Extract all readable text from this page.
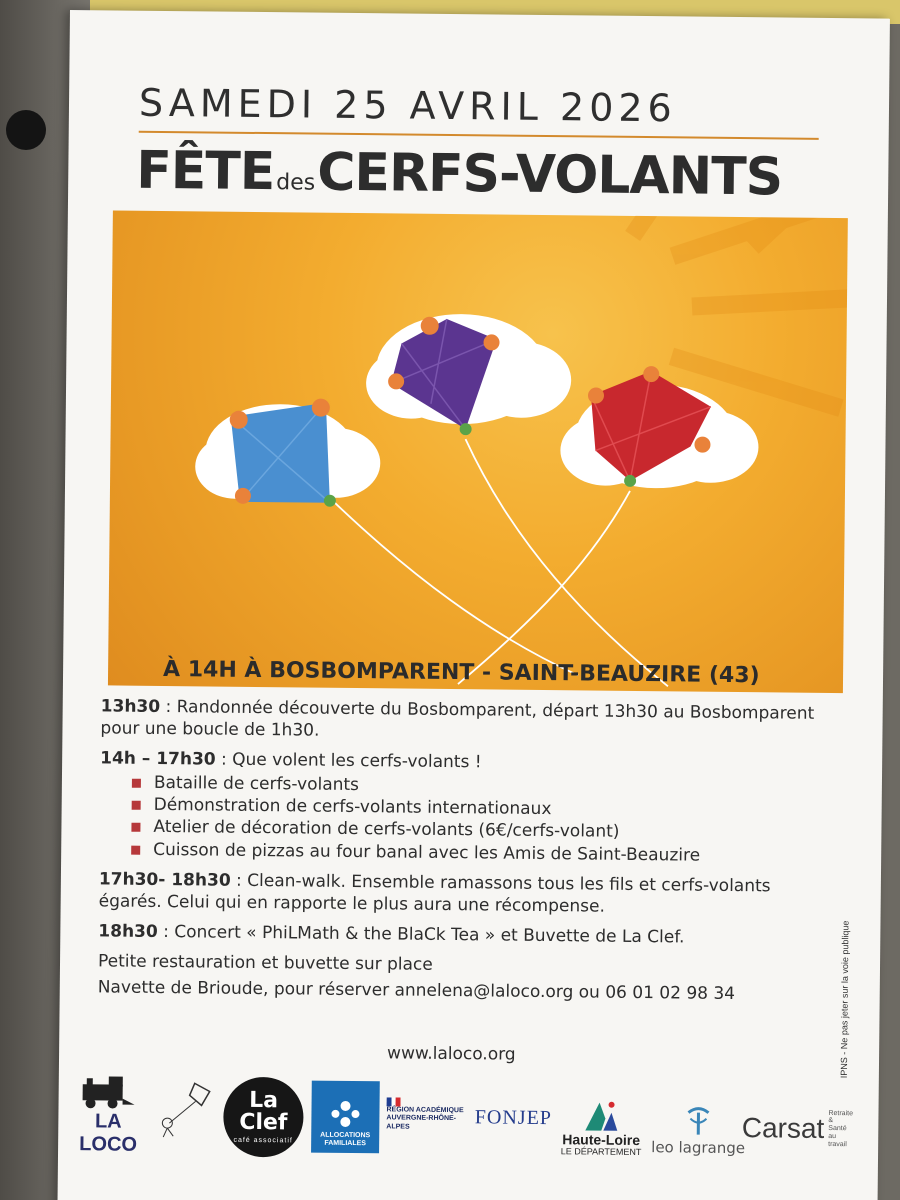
SAMEDI 25 AVRIL 2026
FÊTEdesCERFS-VOLANTS
À 14H À BOSBOMPARENT - SAINT-BEAUZIRE (43)
13h30 : Randonnée découverte du Bosbomparent, départ 13h30 au Bosbomparent pour une boucle de 1h30.
14h – 17h30 : Que volent les cerfs-volants !
Bataille de cerfs-volants
Démonstration de cerfs-volants internationaux
Atelier de décoration de cerfs-volants (6€/cerfs-volant)
Cuisson de pizzas au four banal avec les Amis de Saint-Beauzire
17h30- 18h30 : Clean-walk. Ensemble ramassons tous les fils et cerfs-volants égarés. Celui qui en rapporte le plus aura une récompense.
18h30 : Concert « PhiLMath & the BlaCk Tea » et Buvette de La Clef.
Petite restauration et buvette sur place
Navette de Brioude, pour réserver annelena@laloco.org ou 06 01 02 98 34
www.laloco.org
LA LOCO
La Clef
café associatif
ALLOCATIONS FAMILIALES
RÉGION ACADÉMIQUE AUVERGNE-RHÔNE-ALPES	FONJEP
Haute-Loire
LE DÉPARTEMENT leo lagrange
Carsat Retraite & Santé au travail
IPNS - Ne pas jeter sur la voie publique
